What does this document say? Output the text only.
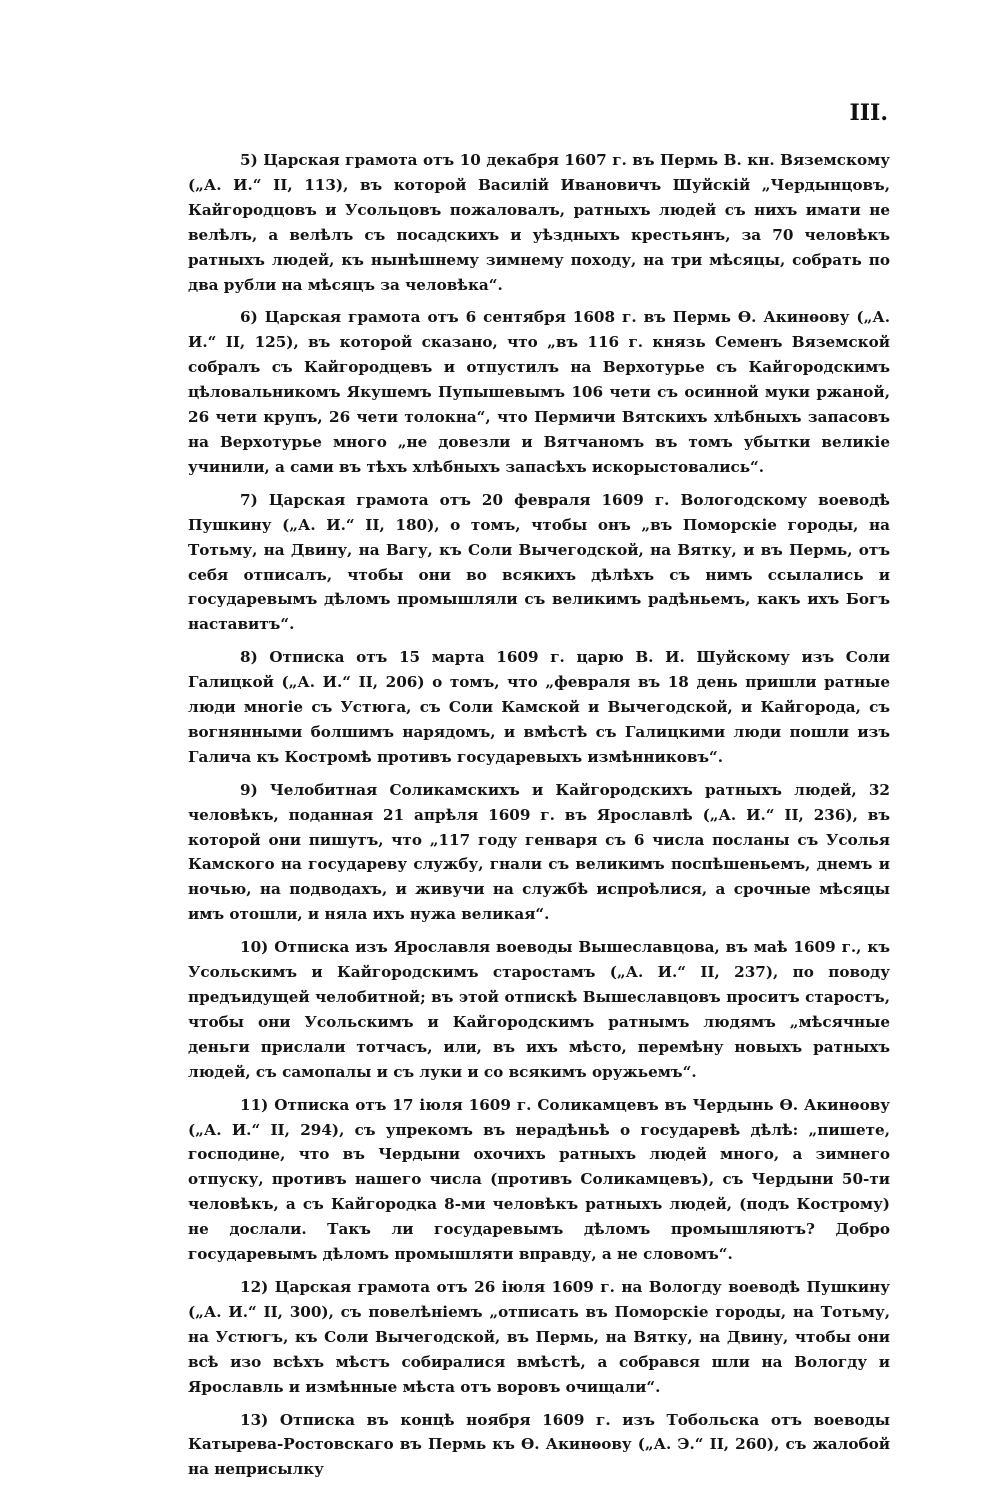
III.

5) Царская грамота отъ 10 декабря 1607 г. въ Пермь В. кн. Вяземскому („А. И.“ II, 113), въ которой Василій Ивановичъ Шуйскій „Чердынцовъ, Кайгородцовъ и Усольцовъ пожаловалъ, ратныхъ людей съ нихъ имати не велѣлъ, а велѣлъ съ посадскихъ и уѣздныхъ крестьянъ, за 70 человѣкъ ратныхъ людей, къ нынѣшнему зимнему походу, на три мѣсяцы, собрать по два рубли на мѣсяцъ за человѣка“.

6) Царская грамота отъ 6 сентября 1608 г. въ Пермь Ѳ. Акинѳову („А. И.“ II, 125), въ которой сказано, что „въ 116 г. князь Семенъ Вяземской собралъ съ Кайгородцевъ и отпустилъ на Верхотурье съ Кайгородскимъ цѣловальникомъ Якушемъ Пупышевымъ 106 чети съ осинной муки ржаной, 26 чети крупъ, 26 чети толокна“, что Пермичи Вятскихъ хлѣбныхъ запасовъ на Верхотурье много „не довезли и Вятчаномъ въ томъ убытки великіе учинили, а сами въ тѣхъ хлѣбныхъ запасѣхъ искорыстовались“.

7) Царская грамота отъ 20 февраля 1609 г. Вологодскому воеводѣ Пушкину („А. И.“ II, 180), о томъ, чтобы онъ „въ Поморскіе городы, на Тотьму, на Двину, на Вагу, къ Соли Вычегодской, на Вятку, и въ Пермь, отъ себя отписалъ, чтобы они во всякихъ дѣлѣхъ съ нимъ ссылались и государевымъ дѣломъ промышляли съ великимъ радѣньемъ, какъ ихъ Богъ наставитъ“.

8) Отписка отъ 15 марта 1609 г. царю В. И. Шуйскому изъ Соли Галицкой („А. И.“ II, 206) о томъ, что „февраля въ 18 день пришли ратные люди многіе съ Устюга, съ Соли Камской и Вычегодской, и Кайгорода, съ вогнянными болшимъ нарядомъ, и вмѣстѣ съ Галицкими люди пошли изъ Галича къ Костромѣ противъ государевыхъ измѣнниковъ“.

9) Челобитная Соликамскихъ и Кайгородскихъ ратныхъ людей, 32 человѣкъ, поданная 21 апрѣля 1609 г. въ Ярославлѣ („А. И.“ II, 236), въ которой они пишутъ, что „117 году генваря съ 6 числа посланы съ Усолья Камского на государеву службу, гнали съ великимъ поспѣшеньемъ, днемъ и ночью, на подводахъ, и живучи на службѣ испроѣлися, а срочные мѣсяцы имъ отошли, и няла ихъ нужа великая“.

10) Отписка изъ Ярославля воеводы Вышеславцова, въ маѣ 1609 г., къ Усольскимъ и Кайгородскимъ старостамъ („А. И.“ II, 237), по поводу предъидущей челобитной; въ этой отпискѣ Вышеславцовъ проситъ старостъ, чтобы они Усольскимъ и Кайгородскимъ ратнымъ людямъ „мѣсячные деньги прислали тотчасъ, или, въ ихъ мѣсто, перемѣну новыхъ ратныхъ людей, съ самопалы и съ луки и со всякимъ оружьемъ“.

11) Отписка отъ 17 іюля 1609 г. Соликамцевъ въ Чердынь Ѳ. Акинѳову („А. И.“ II, 294), съ упрекомъ въ нерадѣньѣ о государевѣ дѣлѣ: „пишете, господине, что въ Чердыни охочихъ ратныхъ людей много, а зимнего отпуску, противъ нашего числа (противъ Соликамцевъ), съ Чердыни 50-ти человѣкъ, а съ Кайгородка 8-ми человѣкъ ратныхъ людей, (подъ Кострому) не дослали. Такъ ли государевымъ дѣломъ промышляютъ? Добро государевымъ дѣломъ промышляти вправду, а не словомъ“.

12) Царская грамота отъ 26 іюля 1609 г. на Вологду воеводѣ Пушкину („А. И.“ II, 300), съ повелѣніемъ „отписать въ Поморскіе городы, на Тотьму, на Устюгъ, къ Соли Вычегодской, въ Пермь, на Вятку, на Двину, чтобы они всѣ изо всѣхъ мѣстъ собиралися вмѣстѣ, а собрався шли на Вологду и Ярославль и измѣнные мѣста отъ воровъ очищали“.

13) Отписка въ концѣ ноября 1609 г. изъ Тобольска отъ воеводы Катырева-Ростовскаго въ Пермь къ Ѳ. Акинѳову („А. Э.“ II, 260), съ жалобой на неприсылку
